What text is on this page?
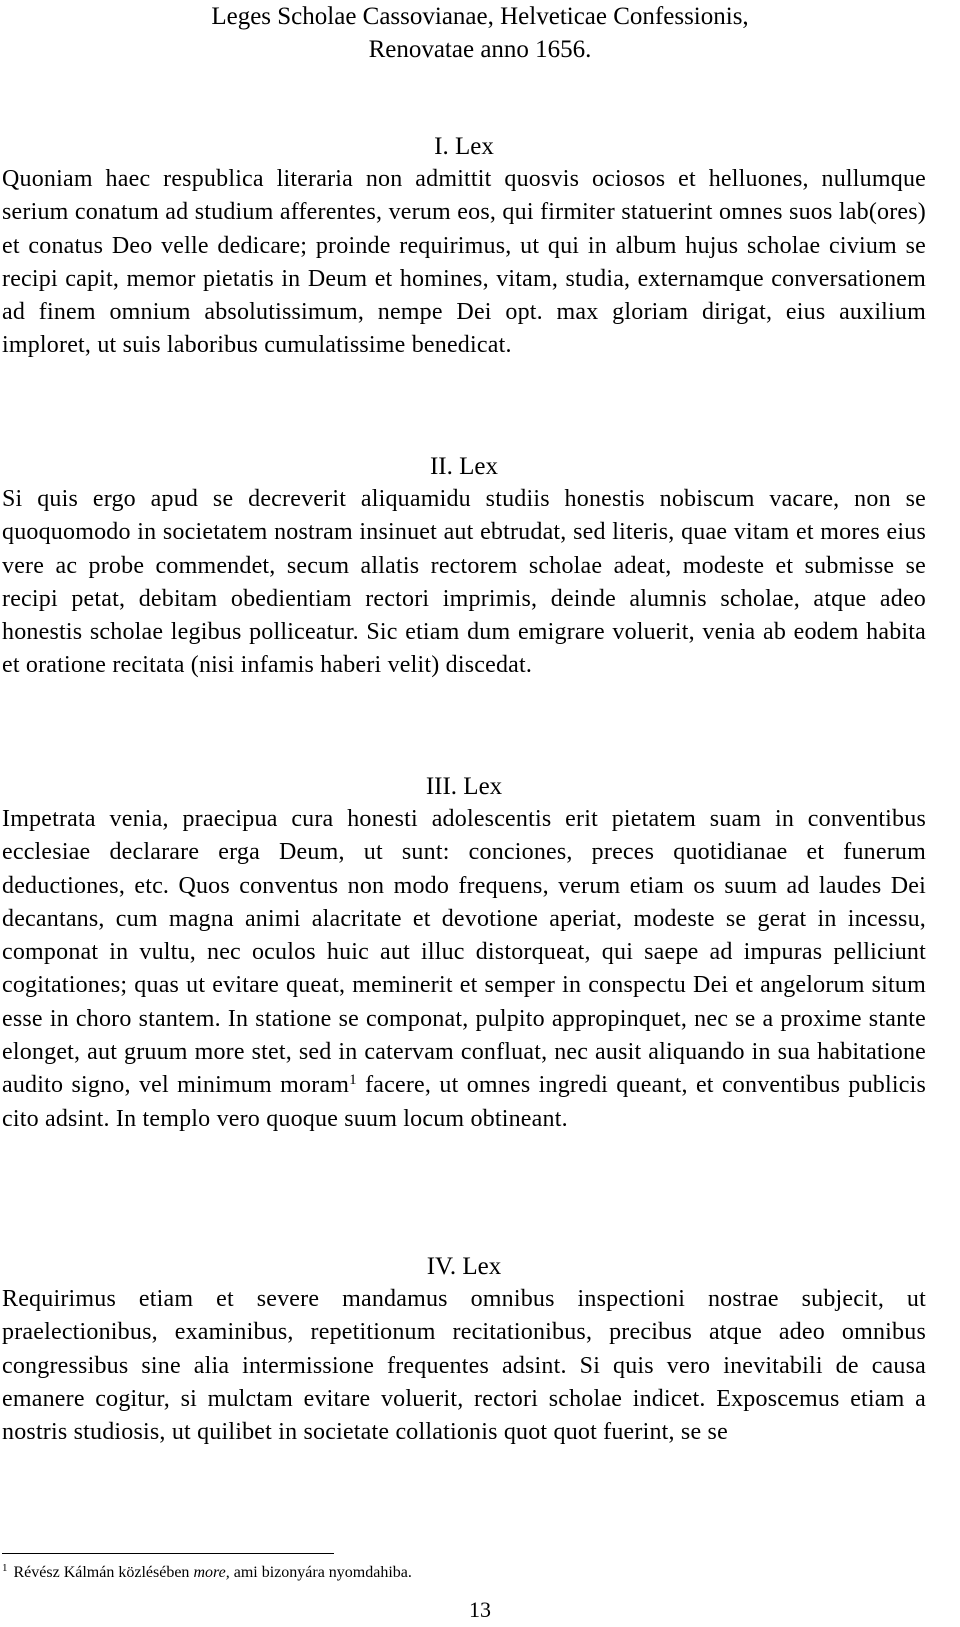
Leges Scholae Cassovianae, Helveticae Confessionis,
Renovatae anno 1656.
I. Lex
Quoniam haec respublica literaria non admittit quosvis ociosos et helluones, nullumque serium conatum ad studium afferentes, verum eos, qui firmiter statuerint omnes suos lab(ores) et conatus Deo velle dedicare; proinde requirimus, ut qui in album hujus scholae civium se recipi capit, memor pietatis in Deum et homines, vitam, studia, externamque conversationem ad finem omnium absolutissimum, nempe Dei opt. max gloriam dirigat, eius auxilium imploret, ut suis laboribus cumulatissime benedicat.
II. Lex
Si quis ergo apud se decreverit aliquamidu studiis honestis nobiscum vacare, non se quoquomodo in societatem nostram insinuet aut ebtrudat, sed literis, quae vitam et mores eius vere ac probe commendet, secum allatis rectorem scholae adeat, modeste et submisse se recipi petat, debitam obedientiam rectori imprimis, deinde alumnis scholae, atque adeo honestis scholae legibus polliceatur. Sic etiam dum emigrare voluerit, venia ab eodem habita et oratione recitata (nisi infamis haberi velit) discedat.
III. Lex
Impetrata venia, praecipua cura honesti adolescentis erit pietatem suam in conventibus ecclesiae declarare erga Deum, ut sunt: conciones, preces quotidianae et funerum deductiones, etc. Quos conventus non modo frequens, verum etiam os suum ad laudes Dei decantans, cum magna animi alacritate et devotione aperiat, modeste se gerat in incessu, componat in vultu, nec oculos huic aut illuc distorqueat, qui saepe ad impuras pelliciunt cogitationes; quas ut evitare queat, meminerit et semper in conspectu Dei et angelorum situm esse in choro stantem. In statione se componat, pulpito appropinquet, nec se a proxime stante elonget, aut gruum more stet, sed in catervam confluat, nec ausit aliquando in sua habitatione audito signo, vel minimum moram$^1$ facere, ut omnes ingredi queant, et conventibus publicis cito adsint. In templo vero quoque suum locum obtineant.
IV. Lex
Requirimus etiam et severe mandamus omnibus inspectioni nostrae subjecit, ut praelectionibus, examinibus, repetitionum recitationibus, precibus atque adeo omnibus congressibus sine alia intermissione frequentes adsint. Si quis vero inevitabili de causa emanere cogitur, si mulctam evitare voluerit, rectori scholae indicet. Exposcemus etiam a nostris studiosis, ut quilibet in societate collationis quot quot fuerint, se se
$^1$ Révész Kálmán közlésében more, ami bizonyára nyomdahiba.
13
